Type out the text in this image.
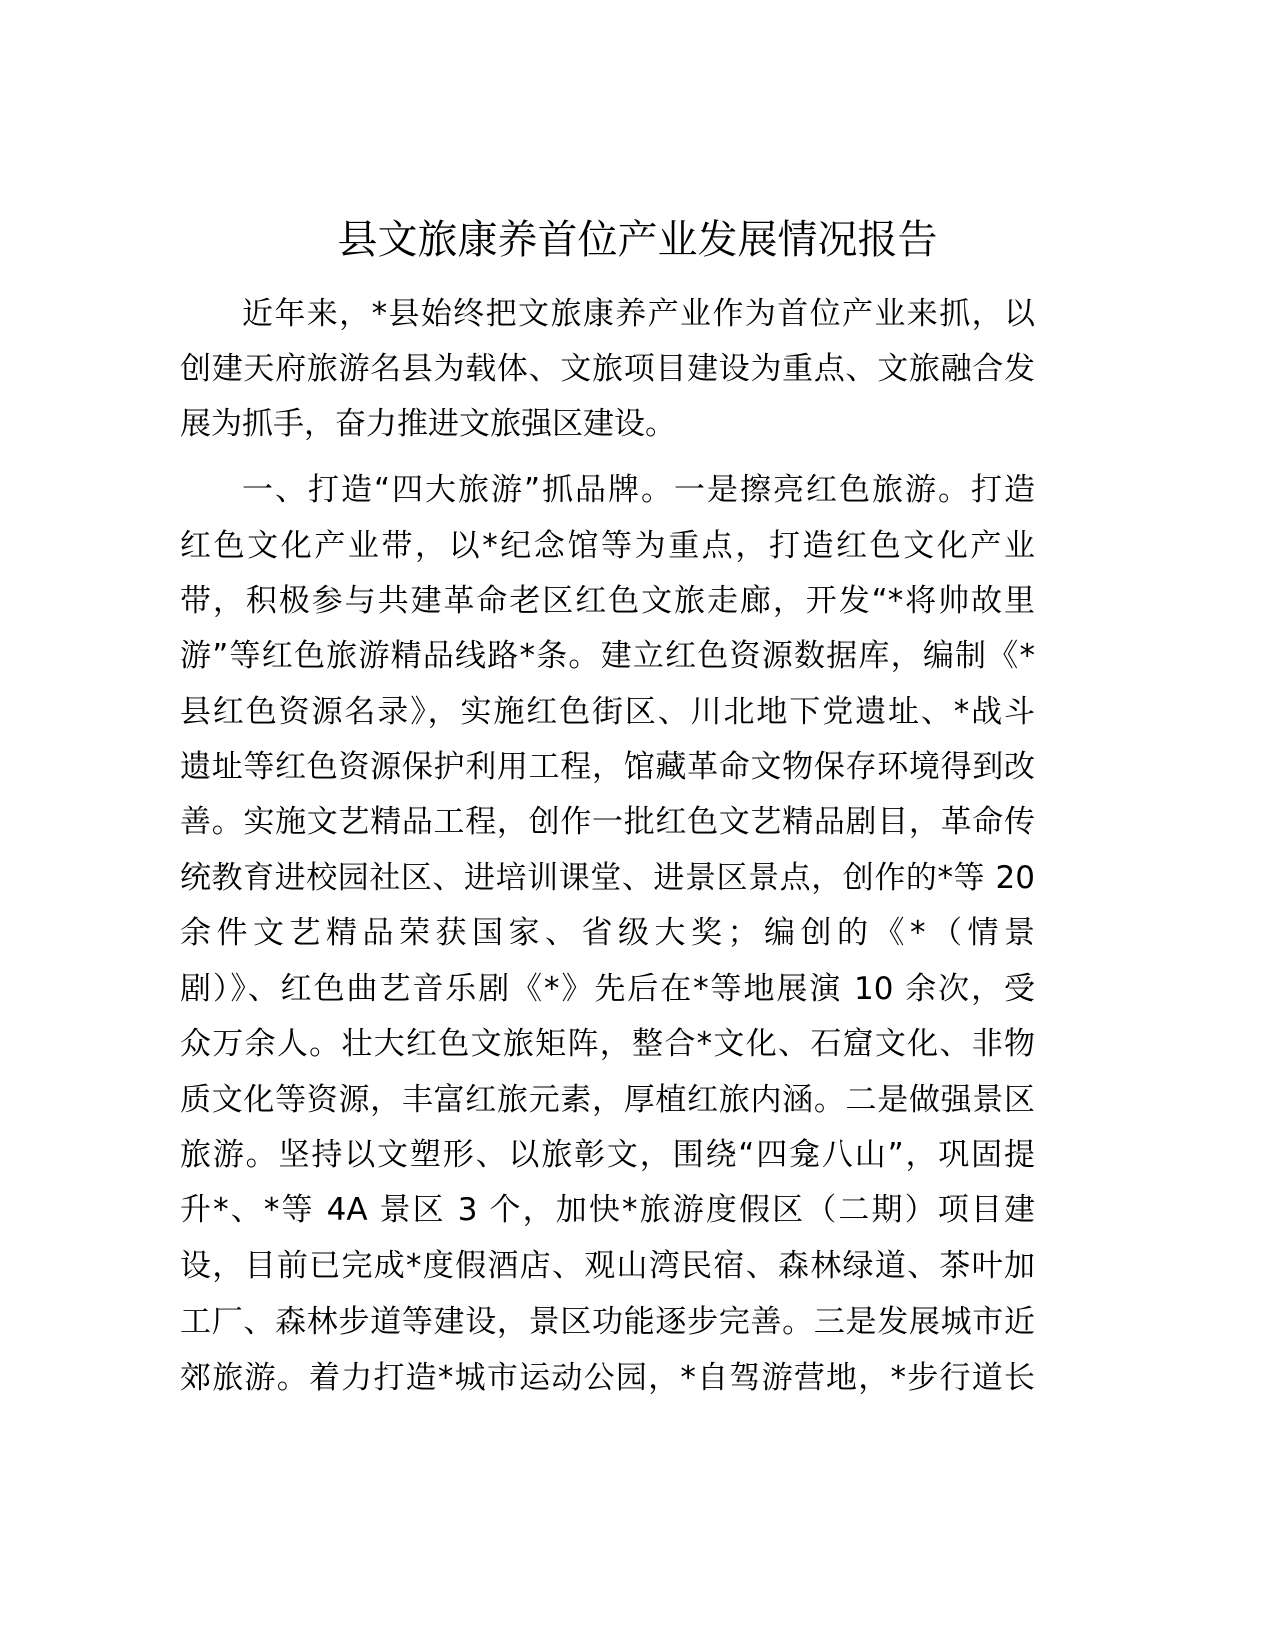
县文旅康养首位产业发展情况报告
近年来，*县始终把文旅康养产业作为首位产业来抓，以
创建天府旅游名县为载体、文旅项目建设为重点、文旅融合发
展为抓手，奋力推进文旅强区建设。
一、打造“四大旅游”抓品牌。一是擦亮红色旅游。打造
红色文化产业带，以*纪念馆等为重点，打造红色文化产业
带，积极参与共建革命老区红色文旅走廊，开发“*将帅故里
游”等红色旅游精品线路*条。建立红色资源数据库，编制《*
县红色资源名录》，实施红色街区、川北地下党遗址、*战斗
遗址等红色资源保护利用工程，馆藏革命文物保存环境得到改
善。实施文艺精品工程，创作一批红色文艺精品剧目，革命传
统教育进校园社区、进培训课堂、进景区景点，创作的*等 20
余件文艺精品荣获国家、省级大奖；编创的《*（情景
剧）》、红色曲艺音乐剧《*》先后在*等地展演 10 余次，受
众万余人。壮大红色文旅矩阵，整合*文化、石窟文化、非物
质文化等资源，丰富红旅元素，厚植红旅内涵。二是做强景区
旅游。坚持以文塑形、以旅彰文，围绕“四龛八山”，巩固提
升*、*等 4A 景区 3 个，加快*旅游度假区（二期）项目建
设，目前已完成*度假酒店、观山湾民宿、森林绿道、茶叶加
工厂、森林步道等建设，景区功能逐步完善。三是发展城市近
郊旅游。着力打造*城市运动公园，*自驾游营地，*步行道长
